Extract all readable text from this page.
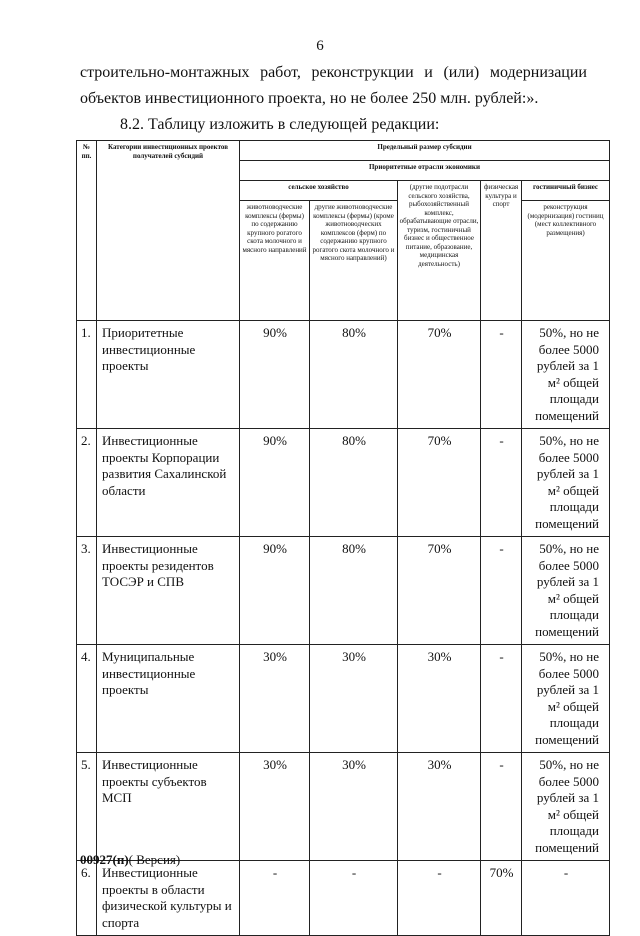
6
строительно-монтажных работ, реконструкции и (или) модернизации
объектов инвестиционного проекта, но не более 250 млн. рублей:».
8.2. Таблицу изложить в следующей редакции:
№ пп.	Категории инвестиционных проектов получателей субсидий	Предельный размер субсидии				
		Приоритетные отрасли экономики				
		сельское хозяйство		(другие подотрасли сельского хозяйства, рыбохозяйственный комплекс, обрабатывающие отрасли, туризм, гостиничный бизнес и общественное питание, образование, медицинская деятельность)	физическая культура и спорт	гостиничный бизнес
		животноводческие комплексы (фермы) по содержанию крупного рогатого скота молочного и мясного направлений	другие животноводческие комплексы (фермы) (кроме животноводческих комплексов (ферм) по содержанию крупного рогатого скота молочного и мясного направлений)			реконструкция (модернизация) гостиниц (мест коллективного размещения)
1.	Приоритетные инвестиционные проекты	90%	80%	70%	-	50%, но не более 5000 рублей за 1 м² общей площади помещений
2.	Инвестиционные проекты Корпорации развития Сахалинской области	90%	80%	70%	-	50%, но не более 5000 рублей за 1 м² общей площади помещений
3.	Инвестиционные проекты резидентов ТОСЭР и СПВ	90%	80%	70%	-	50%, но не более 5000 рублей за 1 м² общей площади помещений
4.	Муниципальные инвестиционные проекты	30%	30%	30%	-	50%, но не более 5000 рублей за 1 м² общей площади помещений
5.	Инвестиционные проекты субъектов МСП	30%	30%	30%	-	50%, но не более 5000 рублей за 1 м² общей площади помещений
6.	Инвестиционные проекты в области физической культуры и спорта	-	-	-	70%	-
00927(п)( Версия)
